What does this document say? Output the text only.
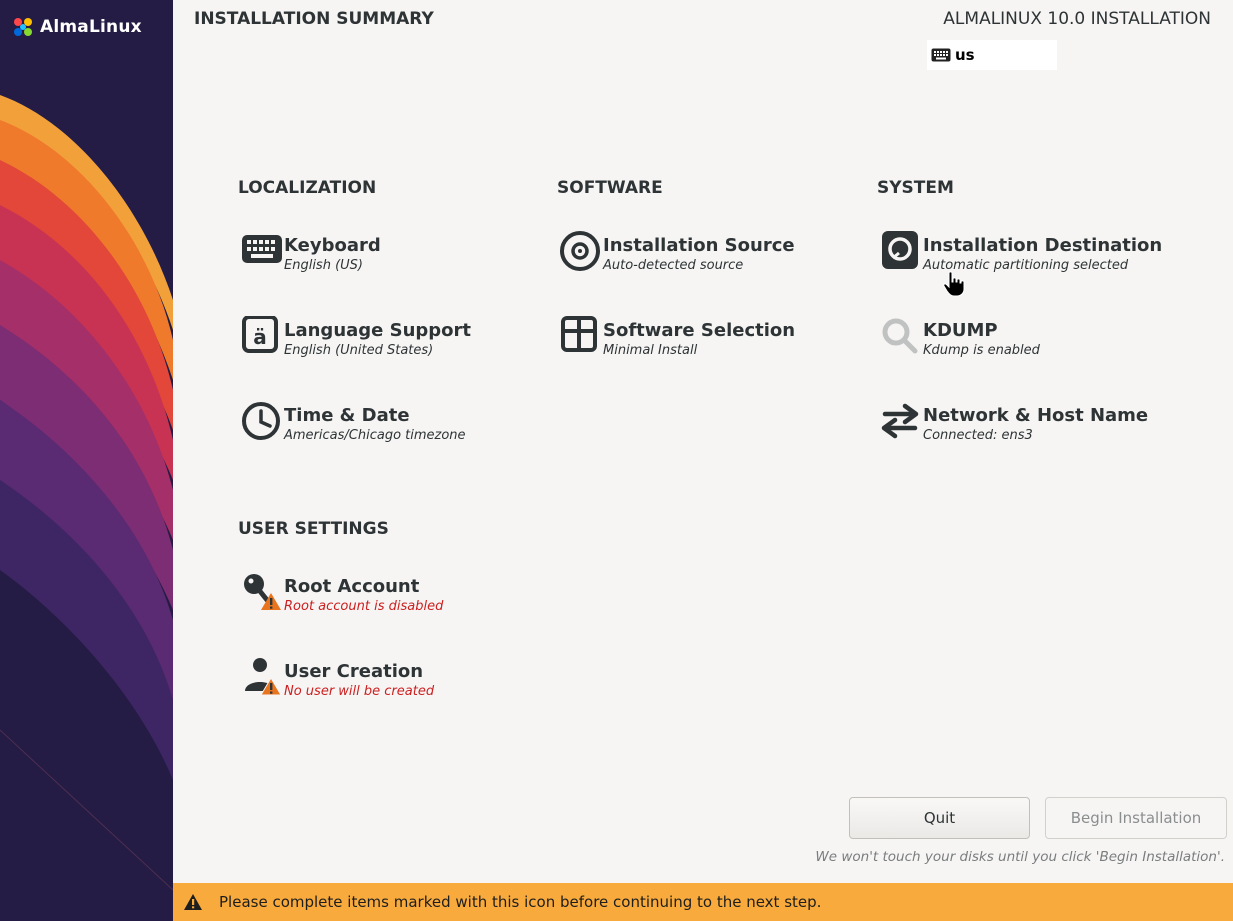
AlmaLinux	INSTALLATION SUMMARY	ALMALINUX 10.0 INSTALLATION
us
LOCALIZATION	SOFTWARE	SYSTEM
USER SETTINGS
Keyboard
English (US)
ä Language Support
English (United States)
Time & Date
Americas/Chicago timezone
Installation Source
Auto-detected source
Software Selection
Minimal Install
Installation Destination
Automatic partitioning selected
KDUMP
Kdump is enabled
Network & Host Name
Connected: ens3
Root Account
Root account is disabled
User Creation
No user will be created
Quit	Begin Installation
We won't touch your disks until you click 'Begin Installation'.
Please complete items marked with this icon before continuing to the next step.
